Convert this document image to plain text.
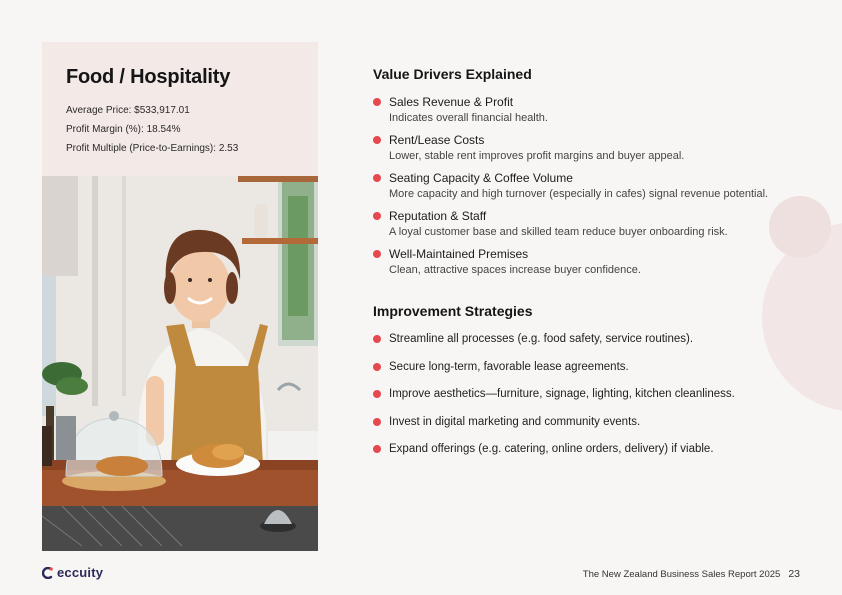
Food / Hospitality

Average Price: $533,917.01

Profit Margin (%): 18.54%

Profit Multiple (Price-to-Earnings): 2.53

Value Drivers Explained
Sales Revenue & Profit
Indicates overall financial health.
Rent/Lease Costs
Lower, stable rent improves profit margins and buyer appeal.
Seating Capacity & Coffee Volume
More capacity and high turnover (especially in cafes) signal revenue potential.
Reputation & Staff
A loyal customer base and skilled team reduce buyer onboarding risk.
Well-Maintained Premises
Clean, attractive spaces increase buyer confidence.
Improvement Strategies
Streamline all processes (e.g. food safety, service routines).
Secure long-term, favorable lease agreements.
Improve aesthetics—furniture, signage, lighting, kitchen cleanliness.
Invest in digital marketing and community events.
Expand offerings (e.g. catering, online orders, delivery) if viable.
eccuity	The New Zealand Business Sales Report 2025 23
